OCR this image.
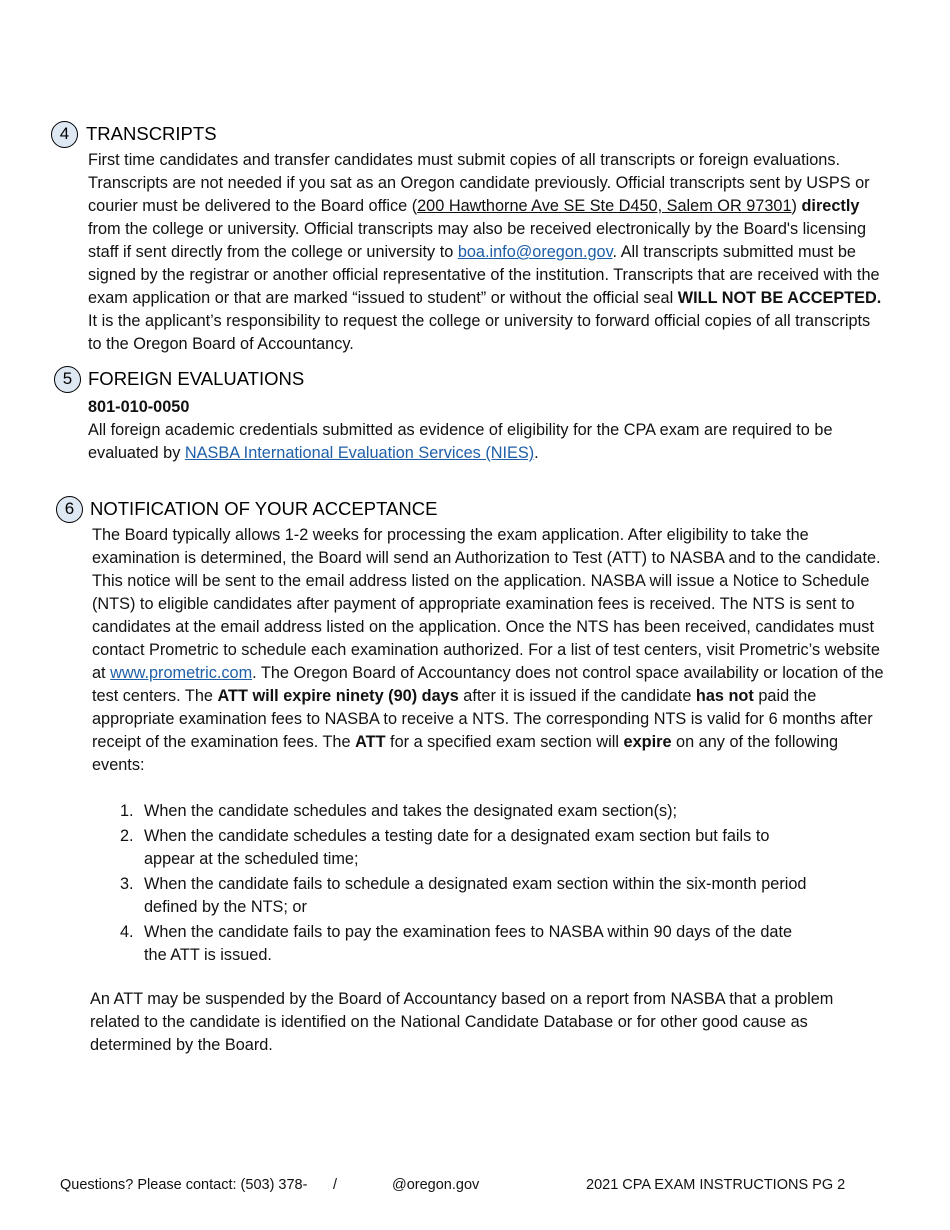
4 TRANSCRIPTS
First time candidates and transfer candidates must submit copies of all transcripts or foreign evaluations. Transcripts are not needed if you sat as an Oregon candidate previously. Official transcripts sent by USPS or courier must be delivered to the Board office (200 Hawthorne Ave SE Ste D450, Salem OR 97301) directly from the college or university. Official transcripts may also be received electronically by the Board's licensing staff if sent directly from the college or university to boa.info@oregon.gov. All transcripts submitted must be signed by the registrar or another official representative of the institution. Transcripts that are received with the exam application or that are marked “issued to student” or without the official seal WILL NOT BE ACCEPTED. It is the applicant’s responsibility to request the college or university to forward official copies of all transcripts to the Oregon Board of Accountancy.
5 FOREIGN EVALUATIONS
801-010-0050
All foreign academic credentials submitted as evidence of eligibility for the CPA exam are required to be evaluated by NASBA International Evaluation Services (NIES).
6 NOTIFICATION OF YOUR ACCEPTANCE
The Board typically allows 1-2 weeks for processing the exam application. After eligibility to take the examination is determined, the Board will send an Authorization to Test (ATT) to NASBA and to the candidate. This notice will be sent to the email address listed on the application. NASBA will issue a Notice to Schedule (NTS) to eligible candidates after payment of appropriate examination fees is received. The NTS is sent to candidates at the email address listed on the application. Once the NTS has been received, candidates must contact Prometric to schedule each examination authorized. For a list of test centers, visit Prometric’s website at www.prometric.com. The Oregon Board of Accountancy does not control space availability or location of the test centers. The ATT will expire ninety (90) days after it is issued if the candidate has not paid the appropriate examination fees to NASBA to receive a NTS. The corresponding NTS is valid for 6 months after receipt of the examination fees. The ATT for a specified exam section will expire on any of the following events:
1. When the candidate schedules and takes the designated exam section(s);
2. When the candidate schedules a testing date for a designated exam section but fails to appear at the scheduled time;
3. When the candidate fails to schedule a designated exam section within the six-month period defined by the NTS; or
4. When the candidate fails to pay the examination fees to NASBA within 90 days of the date the ATT is issued.
An ATT may be suspended by the Board of Accountancy based on a report from NASBA that a problem related to the candidate is identified on the National Candidate Database or for other good cause as determined by the Board.
Questions? Please contact: (503) 378- /	@oregon.gov	2021 CPA EXAM INSTRUCTIONS PG 2
